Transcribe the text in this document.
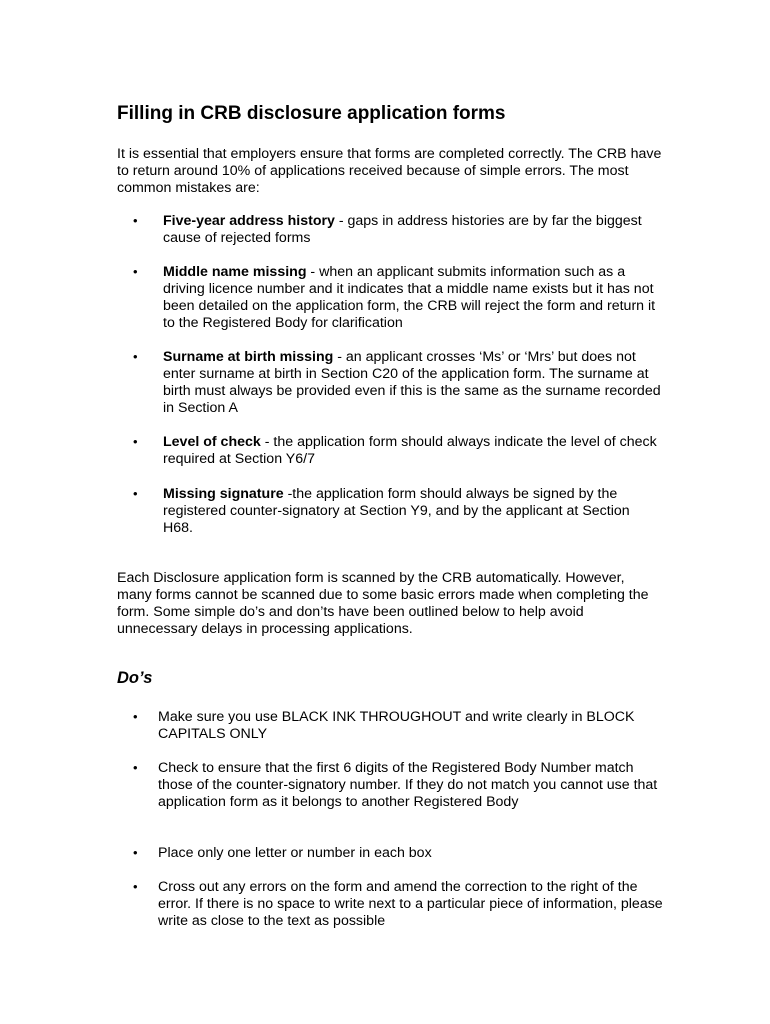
Filling in CRB disclosure application forms

It is essential that employers ensure that forms are completed correctly. The CRB have to return around 10% of applications received because of simple errors. The most common mistakes are:

• Five-year address history - gaps in address histories are by far the biggest cause of rejected forms
• Middle name missing - when an applicant submits information such as a driving licence number and it indicates that a middle name exists but it has not been detailed on the application form, the CRB will reject the form and return it to the Registered Body for clarification
• Surname at birth missing - an applicant crosses ‘Ms’ or ‘Mrs’ but does not enter surname at birth in Section C20 of the application form. The surname at birth must always be provided even if this is the same as the surname recorded in Section A
• Level of check - the application form should always indicate the level of check required at Section Y6/7
• Missing signature -the application form should always be signed by the registered counter-signatory at Section Y9, and by the applicant at Section H68.

Each Disclosure application form is scanned by the CRB automatically. However, many forms cannot be scanned due to some basic errors made when completing the form. Some simple do’s and don’ts have been outlined below to help avoid unnecessary delays in processing applications.

Do’s
• Make sure you use BLACK INK THROUGHOUT and write clearly in BLOCK CAPITALS ONLY
• Check to ensure that the first 6 digits of the Registered Body Number match those of the counter-signatory number. If they do not match you cannot use that application form as it belongs to another Registered Body
• Place only one letter or number in each box
• Cross out any errors on the form and amend the correction to the right of the error. If there is no space to write next to a particular piece of information, please write as close to the text as possible
